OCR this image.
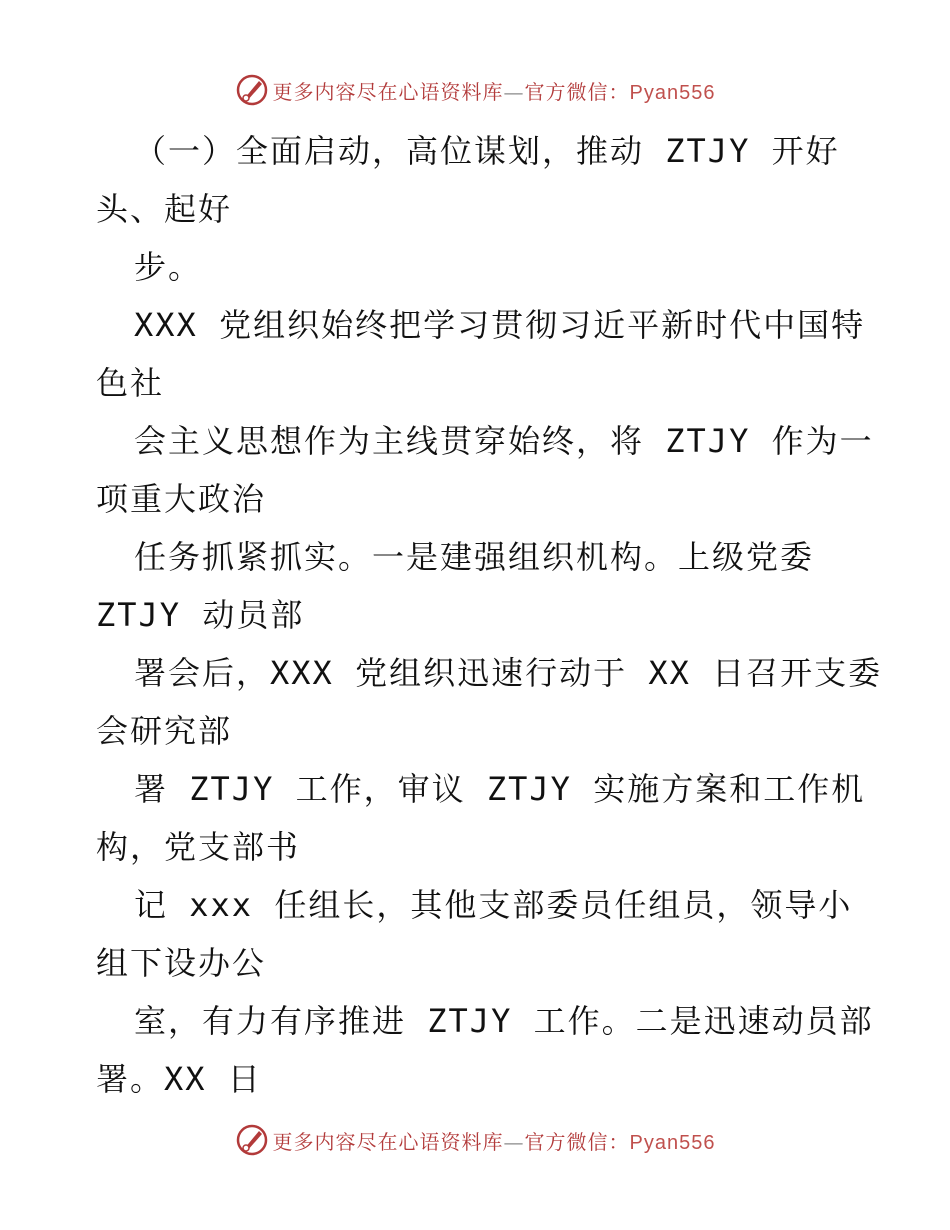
更多内容尽在心语资料库—官方微信：Pyan556
（一）全面启动，高位谋划，推动 ZTJY 开好
头、起好
步。
XXX 党组织始终把学习贯彻习近平新时代中国特
色社
会主义思想作为主线贯穿始终，将 ZTJY 作为一
项重大政治
任务抓紧抓实。一是建强组织机构。上级党委
ZTJY 动员部
署会后，XXX 党组织迅速行动于 XX 日召开支委
会研究部
署 ZTJY 工作，审议 ZTJY 实施方案和工作机
构，党支部书
记 xxx 任组长，其他支部委员任组员，领导小
组下设办公
室，有力有序推进 ZTJY 工作。二是迅速动员部
署。XX 日
更多内容尽在心语资料库—官方微信：Pyan556
